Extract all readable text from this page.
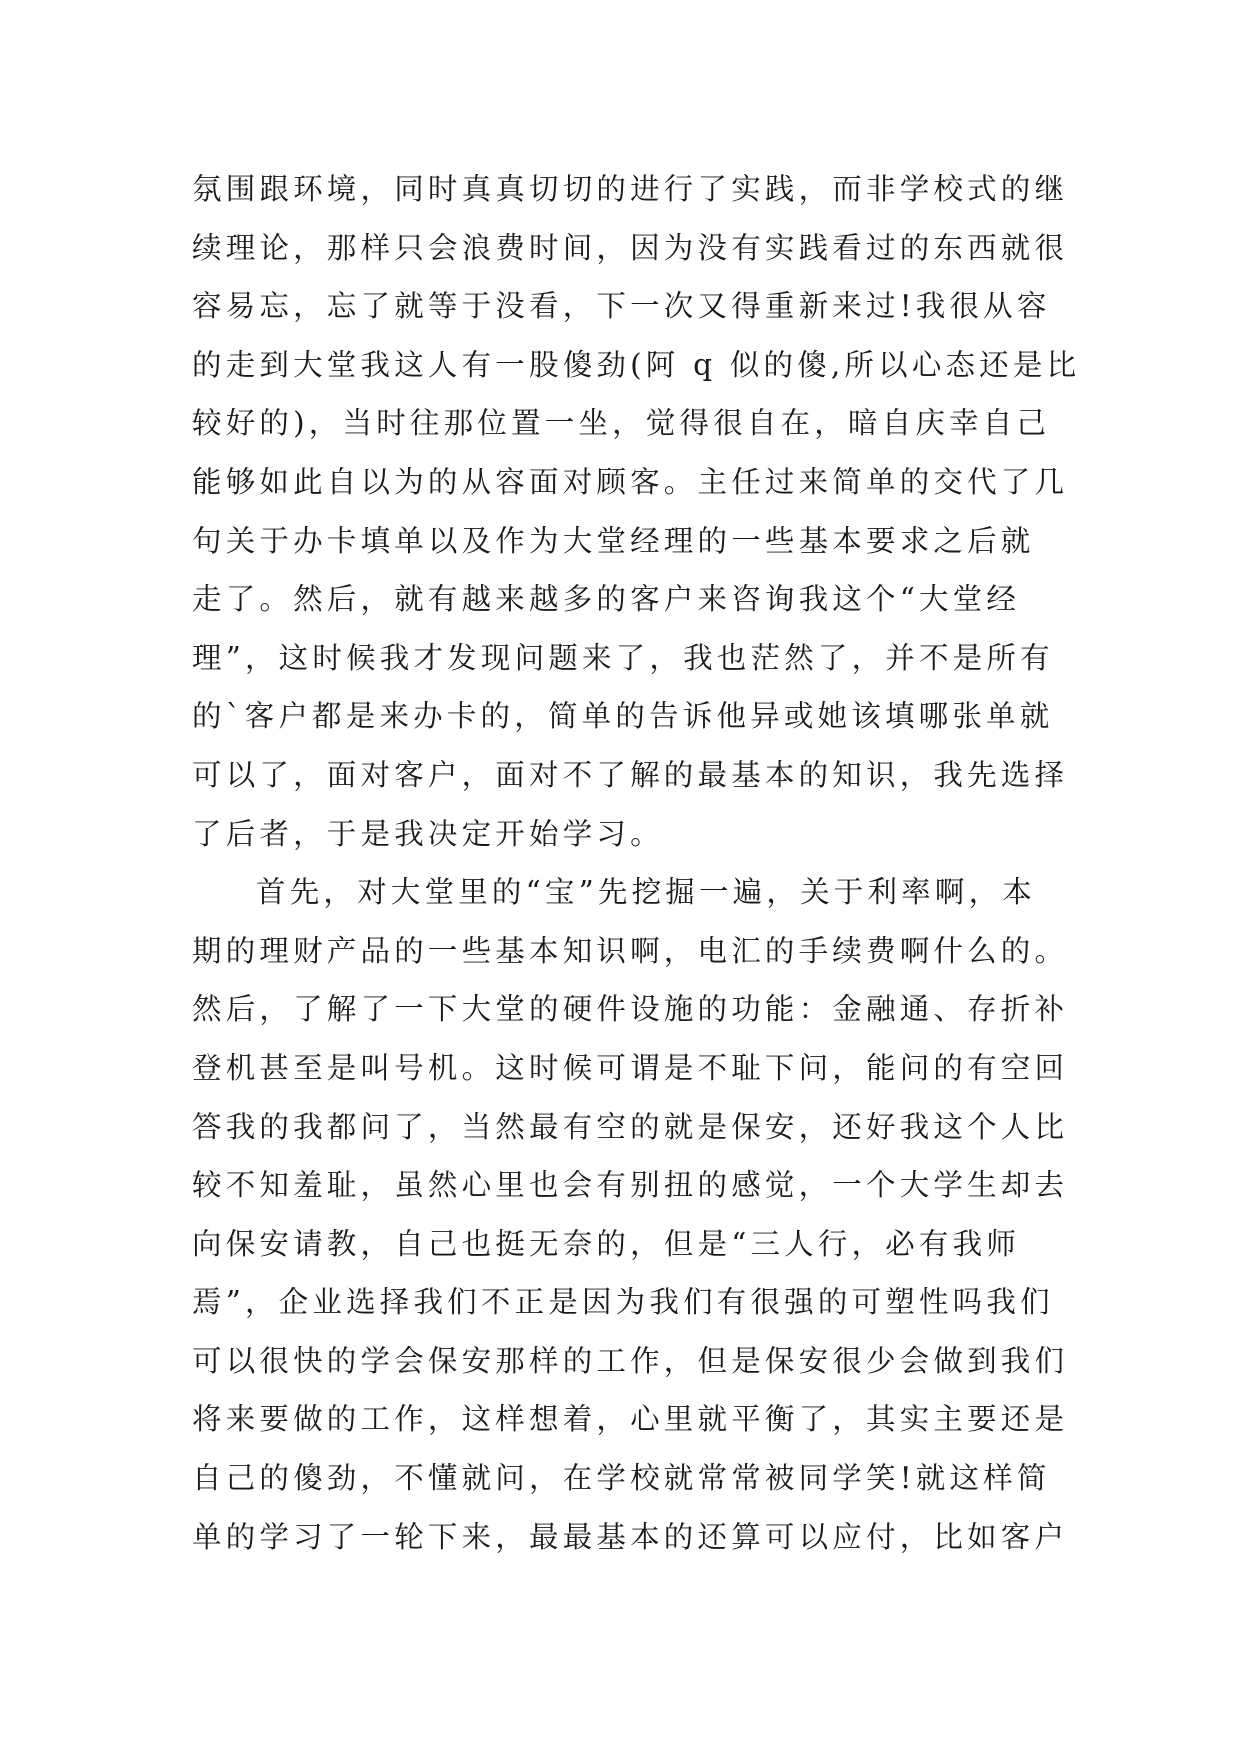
氛围跟环境，同时真真切切的进行了实践，而非学校式的继
续理论，那样只会浪费时间，因为没有实践看过的东西就很
容易忘，忘了就等于没看，下一次又得重新来过!我很从容
的走到大堂我这人有一股傻劲(阿 q 似的傻,所以心态还是比
较好的)，当时往那位置一坐，觉得很自在，暗自庆幸自己
能够如此自以为的从容面对顾客。主任过来简单的交代了几
句关于办卡填单以及作为大堂经理的一些基本要求之后就
走了。然后，就有越来越多的客户来咨询我这个“大堂经
理”，这时候我才发现问题来了，我也茫然了，并不是所有
的`客户都是来办卡的，简单的告诉他异或她该填哪张单就
可以了，面对客户，面对不了解的最基本的知识，我先选择
了后者，于是我决定开始学习。
首先，对大堂里的“宝”先挖掘一遍，关于利率啊，本
期的理财产品的一些基本知识啊，电汇的手续费啊什么的。
然后，了解了一下大堂的硬件设施的功能：金融通、存折补
登机甚至是叫号机。这时候可谓是不耻下问，能问的有空回
答我的我都问了，当然最有空的就是保安，还好我这个人比
较不知羞耻，虽然心里也会有别扭的感觉，一个大学生却去
向保安请教，自己也挺无奈的，但是“三人行，必有我师
焉”，企业选择我们不正是因为我们有很强的可塑性吗我们
可以很快的学会保安那样的工作，但是保安很少会做到我们
将来要做的工作，这样想着，心里就平衡了，其实主要还是
自己的傻劲，不懂就问，在学校就常常被同学笑!就这样简
单的学习了一轮下来，最最基本的还算可以应付，比如客户
